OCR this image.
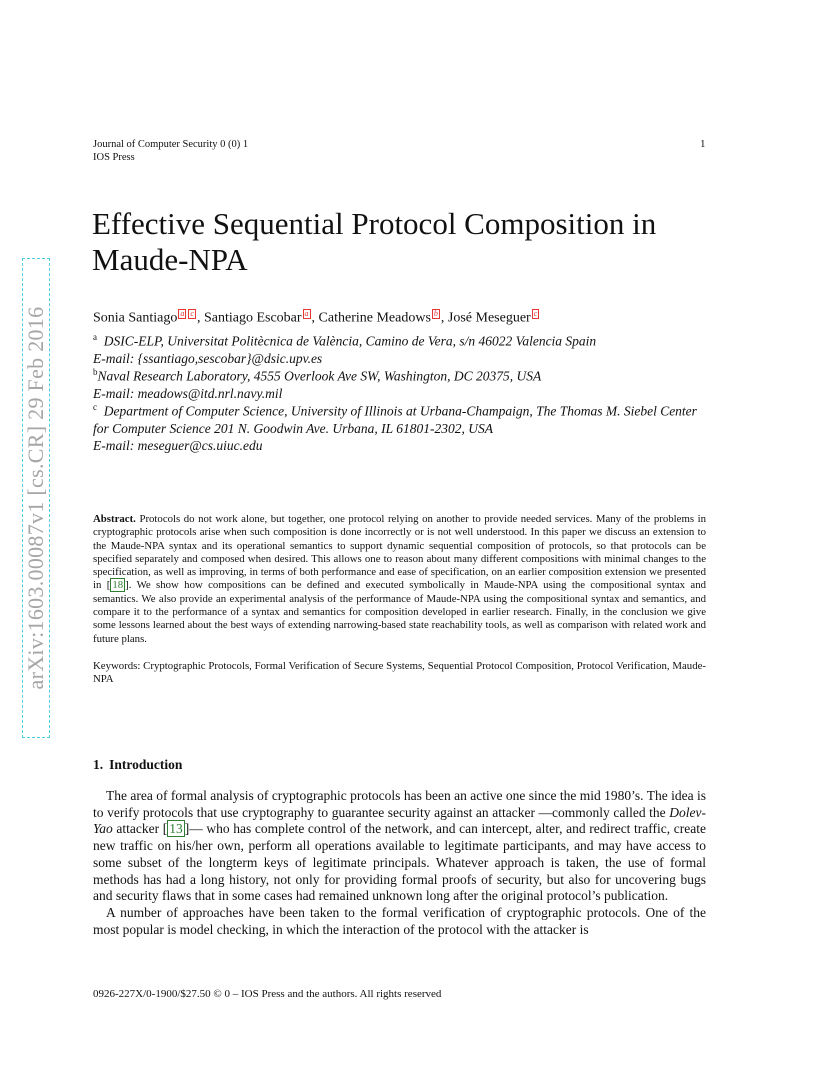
arXiv:1603.00087v1 [cs.CR] 29 Feb 2016
Journal of Computer Security 0 (0) 1
IOS Press
1
Effective Sequential Protocol Composition in Maude-NPA
Sonia Santiago a c , Santiago Escobar a , Catherine Meadows b , José Meseguer c
$^a$ DSIC-ELP, Universitat Politècnica de València, Camino de Vera, s/n 46022 Valencia Spain
E-mail: {ssantiago,sescobar}@dsic.upv.es
$^b$Naval Research Laboratory, 4555 Overlook Ave SW, Washington, DC 20375, USA
E-mail: meadows@itd.nrl.navy.mil
$^c$ Department of Computer Science, University of Illinois at Urbana-Champaign, The Thomas M. Siebel Center for Computer Science 201 N. Goodwin Ave. Urbana, IL 61801-2302, USA
E-mail: meseguer@cs.uiuc.edu

Abstract. Protocols do not work alone, but together, one protocol relying on another to provide needed services. Many of the problems in cryptographic protocols arise when such composition is done incorrectly or is not well understood. In this paper we discuss an extension to the Maude-NPA syntax and its operational semantics to support dynamic sequential composition of protocols, so that protocols can be specified separately and composed when desired. This allows one to reason about many different compositions with minimal changes to the specification, as well as improving, in terms of both performance and ease of specification, on an earlier composition extension we presented in [ 18 ]. We show how compositions can be defined and executed symbolically in Maude-NPA using the compositional syntax and semantics. We also provide an experimental analysis of the performance of Maude-NPA using the compositional syntax and semantics, and compare it to the performance of a syntax and semantics for composition developed in earlier research. Finally, in the conclusion we give some lessons learned about the best ways of extending narrowing-based state reachability tools, as well as comparison with related work and future plans.

Keywords: Cryptographic Protocols, Formal Verification of Secure Systems, Sequential Protocol Composition, Protocol Verification, Maude-NPA

1. Introduction

The area of formal analysis of cryptographic protocols has been an active one since the mid 1980’s. The idea is to verify protocols that use cryptography to guarantee security against an attacker —commonly called the Dolev-Yao attacker [ 13 ]— who has complete control of the network, and can intercept, alter, and redirect traffic, create new traffic on his/her own, perform all operations available to legitimate participants, and may have access to some subset of the longterm keys of legitimate principals. Whatever approach is taken, the use of formal methods has had a long history, not only for providing formal proofs of security, but also for uncovering bugs and security flaws that in some cases had remained unknown long after the original protocol’s publication.

A number of approaches have been taken to the formal verification of cryptographic protocols. One of the most popular is model checking, in which the interaction of the protocol with the attacker is

0926-227X/0-1900/$27.50 © 0 – IOS Press and the authors. All rights reserved
